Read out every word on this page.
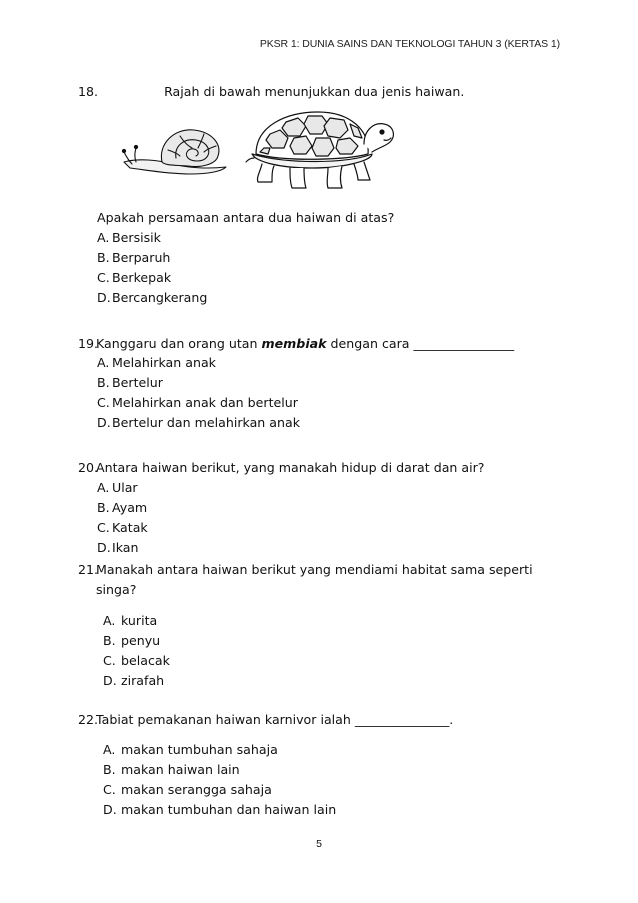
PKSR 1: DUNIA SAINS DAN TEKNOLOGI TAHUN 3 (KERTAS 1)
18.	Rajah di bawah menunjukkan dua jenis haiwan.
Apakah persamaan antara dua haiwan di atas?
A. Bersisik
B. Berparuh
C. Berkepak
D.Bercangkerang
19.Kanggaru dan orang utan membiak dengan cara ________________
A. Melahirkan anak
B. Bertelur
C. Melahirkan anak dan bertelur
D.Bertelur dan melahirkan anak
20.Antara haiwan berikut, yang manakah hidup di darat dan air?
A. Ular
B. Ayam
C. Katak
D.Ikan
21.Manakah antara haiwan berikut yang mendiami habitat sama seperti
singa?
A. kurita
B. penyu
C. belacak
D. zirafah
22.Tabiat pemakanan haiwan karnivor ialah _______________.
A. makan tumbuhan sahaja
B. makan haiwan lain
C. makan serangga sahaja
D. makan tumbuhan dan haiwan lain
5
